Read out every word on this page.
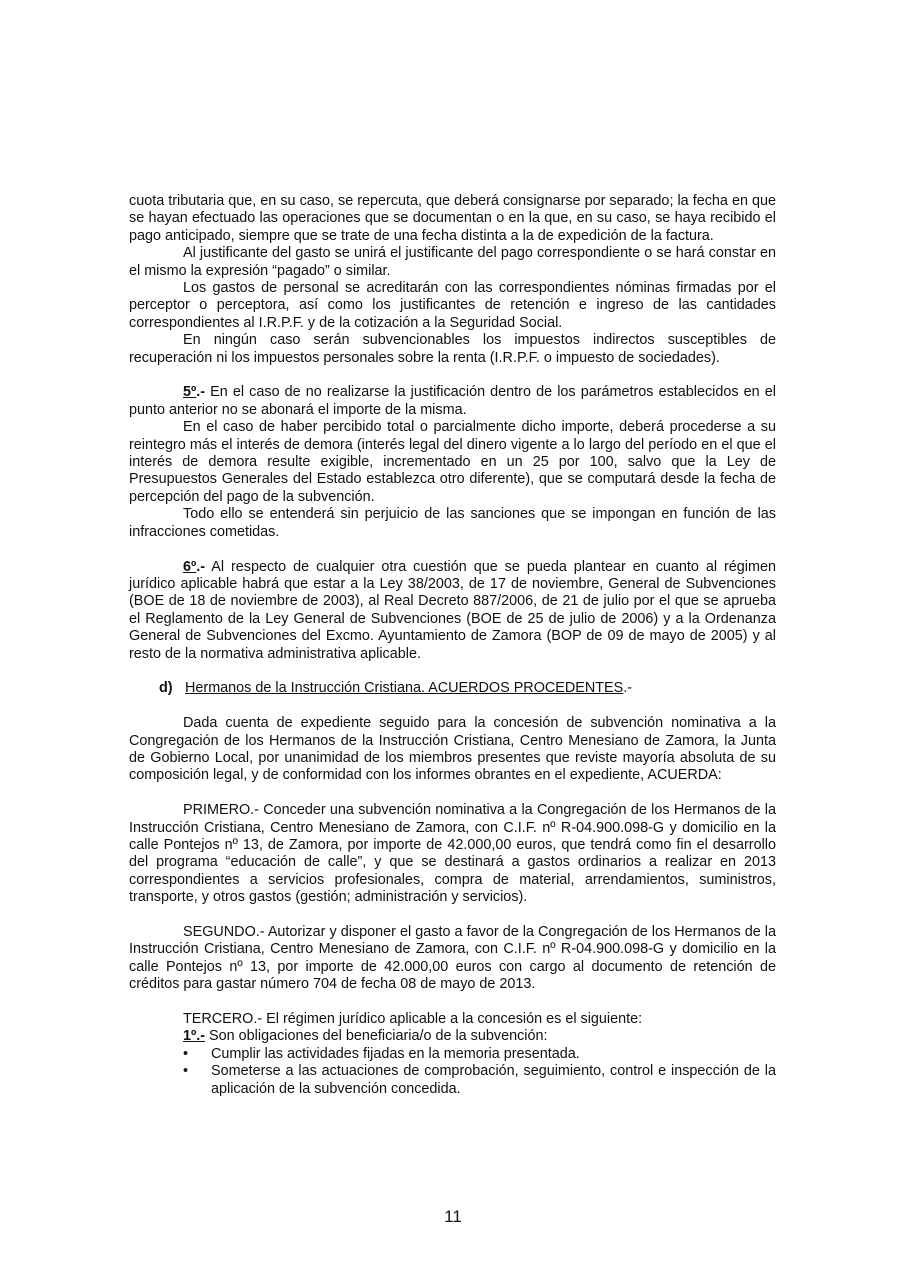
cuota tributaria que, en su caso, se repercuta, que deberá consignarse por separado; la fecha en que se hayan efectuado las operaciones que se documentan o en la que, en su caso, se haya recibido el pago anticipado, siempre que se trate de una fecha distinta a la de expedición de la factura.

Al justificante del gasto se unirá el justificante del pago correspondiente o se hará constar en el mismo la expresión “pagado” o similar.

Los gastos de personal se acreditarán con las correspondientes nóminas firmadas por el perceptor o perceptora, así como los justificantes de retención e ingreso de las cantidades correspondientes al I.R.P.F. y de la cotización a la Seguridad Social.

En ningún caso serán subvencionables los impuestos indirectos susceptibles de recuperación ni los impuestos personales sobre la renta (I.R.P.F. o impuesto de sociedades).

5º.- En el caso de no realizarse la justificación dentro de los parámetros establecidos en el punto anterior no se abonará el importe de la misma.

En el caso de haber percibido total o parcialmente dicho importe, deberá procederse a su reintegro más el interés de demora (interés legal del dinero vigente a lo largo del período en el que el interés de demora resulte exigible, incrementado en un 25 por 100, salvo que la Ley de Presupuestos Generales del Estado establezca otro diferente), que se computará desde la fecha de percepción del pago de la subvención.

Todo ello se entenderá sin perjuicio de las sanciones que se impongan en función de las infracciones cometidas.

6º.- Al respecto de cualquier otra cuestión que se pueda plantear en cuanto al régimen jurídico aplicable habrá que estar a la Ley 38/2003, de 17 de noviembre, General de Subvenciones (BOE de 18 de noviembre de 2003), al Real Decreto 887/2006, de 21 de julio por el que se aprueba el Reglamento de la Ley General de Subvenciones (BOE de 25 de julio de 2006) y a la Ordenanza General de Subvenciones del Excmo. Ayuntamiento de Zamora (BOP de 09 de mayo de 2005) y al resto de la normativa administrativa aplicable.

d) Hermanos de la Instrucción Cristiana. ACUERDOS PROCEDENTES.-

Dada cuenta de expediente seguido para la concesión de subvención nominativa a la Congregación de los Hermanos de la Instrucción Cristiana, Centro Menesiano de Zamora, la Junta de Gobierno Local, por unanimidad de los miembros presentes que reviste mayoría absoluta de su composición legal, y de conformidad con los informes obrantes en el expediente, ACUERDA:

PRIMERO.- Conceder una subvención nominativa a la Congregación de los Hermanos de la Instrucción Cristiana, Centro Menesiano de Zamora, con C.I.F. nº R-04.900.098-G y domicilio en la calle Pontejos nº 13, de Zamora, por importe de 42.000,00 euros, que tendrá como fin el desarrollo del programa “educación de calle”, y que se destinará a gastos ordinarios a realizar en 2013 correspondientes a servicios profesionales, compra de material, arrendamientos, suministros, transporte, y otros gastos (gestión; administración y servicios).

SEGUNDO.- Autorizar y disponer el gasto a favor de la Congregación de los Hermanos de la Instrucción Cristiana, Centro Menesiano de Zamora, con C.I.F. nº R-04.900.098-G y domicilio en la calle Pontejos nº 13, por importe de 42.000,00 euros con cargo al documento de retención de créditos para gastar número 704 de fecha 08 de mayo de 2013.

TERCERO.- El régimen jurídico aplicable a la concesión es el siguiente:

1º.- Son obligaciones del beneficiaria/o de la subvención:

• Cumplir las actividades fijadas en la memoria presentada.
• Someterse a las actuaciones de comprobación, seguimiento, control e inspección de la aplicación de la subvención concedida.
11
